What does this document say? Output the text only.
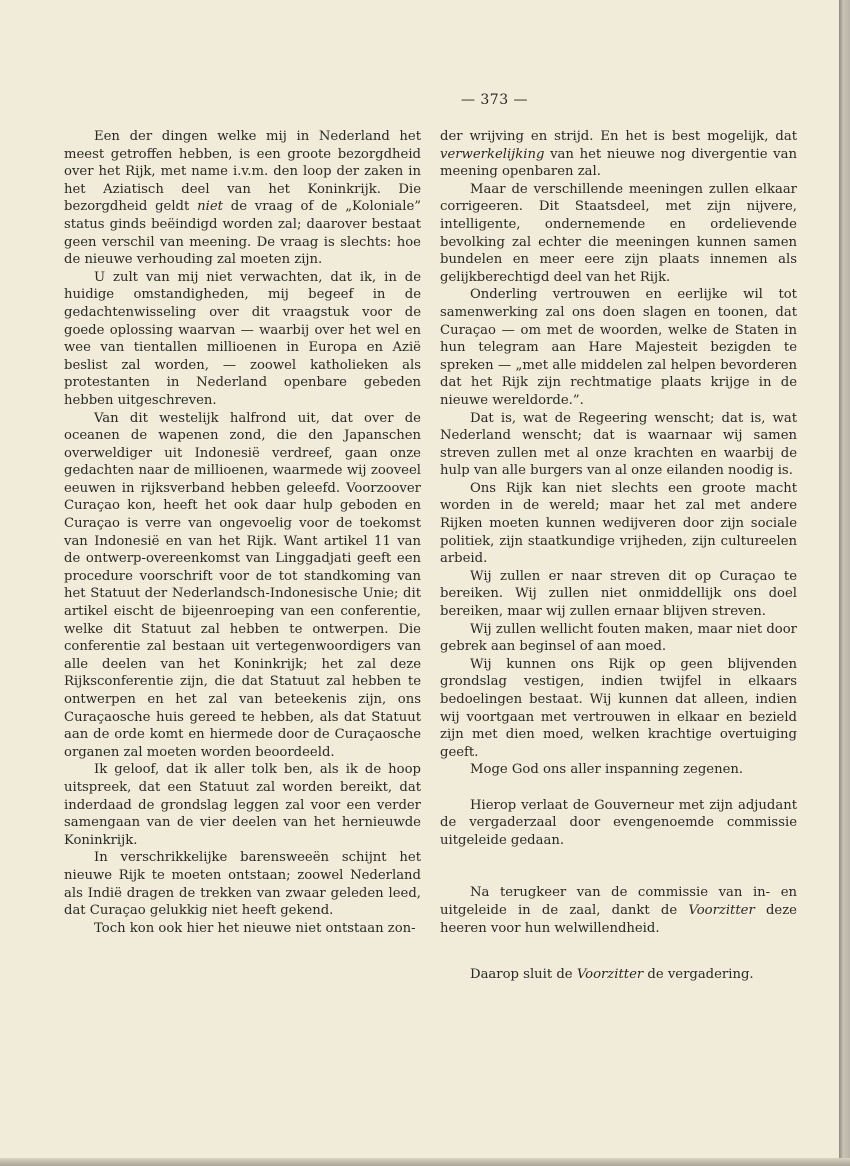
— 373 —

Een der dingen welke mij in Nederland het meest getroffen hebben, is een groote bezorgdheid over het Rijk, met name i.v.m. den loop der zaken in het Aziatisch deel van het Koninkrijk. Die bezorgdheid geldt niet de vraag of de „Koloniale” status ginds beëindigd worden zal; daarover bestaat geen verschil van meening. De vraag is slechts: hoe de nieuwe verhouding zal moeten zijn.

U zult van mij niet verwachten, dat ik, in de huidige omstandigheden, mij begeef in de gedachtenwisseling over dit vraagstuk voor de goede oplossing waarvan — waarbij over het wel en wee van tientallen millioenen in Europa en Azië beslist zal worden, — zoowel katholieken als protestanten in Nederland openbare gebeden hebben uitgeschreven.

Van dit westelijk halfrond uit, dat over de oceanen de wapenen zond, die den Japanschen overweldiger uit Indonesië verdreef, gaan onze gedachten naar de millioenen, waarmede wij zooveel eeuwen in rijksverband hebben geleefd. Voorzoover Curaçao kon, heeft het ook daar hulp geboden en Curaçao is verre van ongevoelig voor de toekomst van Indonesië en van het Rijk. Want artikel 11 van de ontwerp-overeenkomst van Linggadjati geeft een procedure voorschrift voor de tot standkoming van het Statuut der Nederlandsch-Indonesische Unie; dit artikel eischt de bijeenroeping van een conferentie, welke dit Statuut zal hebben te ontwerpen. Die conferentie zal bestaan uit vertegenwoordigers van alle deelen van het Koninkrijk; het zal deze Rijksconferentie zijn, die dat Statuut zal hebben te ontwerpen en het zal van beteekenis zijn, ons Curaçaosche huis gereed te hebben, als dat Statuut aan de orde komt en hiermede door de Curaçaosche organen zal moeten worden beoordeeld.

Ik geloof, dat ik aller tolk ben, als ik de hoop uitspreek, dat een Statuut zal worden bereikt, dat inderdaad de grondslag leggen zal voor een verder samengaan van de vier deelen van het hernieuwde Koninkrijk.

In verschrikkelijke barensweeën schijnt het nieuwe Rijk te moeten ontstaan; zoowel Nederland als Indië dragen de trekken van zwaar geleden leed, dat Curaçao gelukkig niet heeft gekend.

Toch kon ook hier het nieuwe niet ontstaan zon-

der wrijving en strijd. En het is best mogelijk, dat verwerkelijking van het nieuwe nog divergentie van meening openbaren zal.

Maar de verschillende meeningen zullen elkaar corrigeeren. Dit Staatsdeel, met zijn nijvere, intelligente, ondernemende en ordelievende bevolking zal echter die meeningen kunnen samen bundelen en meer eere zijn plaats innemen als gelijkberechtigd deel van het Rijk.

Onderling vertrouwen en eerlijke wil tot samenwerking zal ons doen slagen en toonen, dat Curaçao — om met de woorden, welke de Staten in hun telegram aan Hare Majesteit bezigden te spreken — „met alle middelen zal helpen bevorderen dat het Rijk zijn rechtmatige plaats krijge in de nieuwe wereldorde.”.

Dat is, wat de Regeering wenscht; dat is, wat Nederland wenscht; dat is waarnaar wij samen streven zullen met al onze krachten en waarbij de hulp van alle burgers van al onze eilanden noodig is.

Ons Rijk kan niet slechts een groote macht worden in de wereld; maar het zal met andere Rijken moeten kunnen wedijveren door zijn sociale politiek, zijn staatkundige vrijheden, zijn cultureelen arbeid.

Wij zullen er naar streven dit op Curaçao te bereiken. Wij zullen niet onmiddellijk ons doel bereiken, maar wij zullen ernaar blijven streven.

Wij zullen wellicht fouten maken, maar niet door gebrek aan beginsel of aan moed.

Wij kunnen ons Rijk op geen blijvenden grondslag vestigen, indien twijfel in elkaars bedoelingen bestaat. Wij kunnen dat alleen, indien wij voortgaan met vertrouwen in elkaar en bezield zijn met dien moed, welken krachtige overtuiging geeft.

Moge God ons aller inspanning zegenen.

Hierop verlaat de Gouverneur met zijn adjudant de vergaderzaal door evengenoemde commissie uitgeleide gedaan.

Na terugkeer van de commissie van in- en uitgeleide in de zaal, dankt de Voorzitter deze heeren voor hun welwillendheid.

Daarop sluit de Voorzitter de vergadering.
